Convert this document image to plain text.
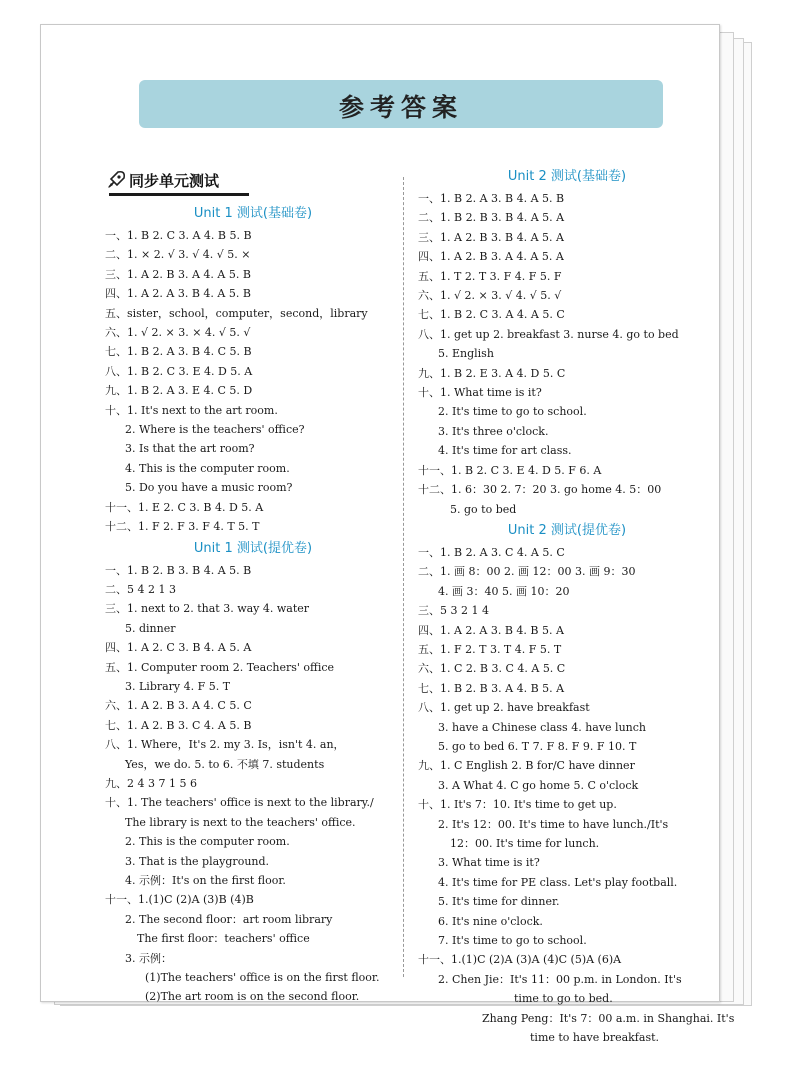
参考答案
同步单元测试
Unit 1 测试(基础卷)
一、1. B 2. C 3. A 4. B 5. B
二、1. × 2. √ 3. √ 4. √ 5. ×
三、1. A 2. B 3. A 4. A 5. B
四、1. A 2. A 3. B 4. A 5. B
五、sister，school，computer，second，library
六、1. √ 2. × 3. × 4. √ 5. √
七、1. B 2. A 3. B 4. C 5. B
八、1. B 2. C 3. E 4. D 5. A
九、1. B 2. A 3. E 4. C 5. D
十、1. It's next to the art room.
2. Where is the teachers' office?
3. Is that the art room?
4. This is the computer room.
5. Do you have a music room?
十一、1. E 2. C 3. B 4. D 5. A
十二、1. F 2. F 3. F 4. T 5. T
Unit 1 测试(提优卷)
一、1. B 2. B 3. B 4. A 5. B
二、5 4 2 1 3
三、1. next to 2. that 3. way 4. water
5. dinner
四、1. A 2. C 3. B 4. A 5. A
五、1. Computer room 2. Teachers' office
3. Library 4. F 5. T
六、1. A 2. B 3. A 4. C 5. C
七、1. A 2. B 3. C 4. A 5. B
八、1. Where，It's 2. my 3. Is，isn't 4. an，
Yes，we do. 5. to 6. 不填 7. students
九、2 4 3 7 1 5 6
十、1. The teachers' office is next to the library./
The library is next to the teachers' office.
2. This is the computer room.
3. That is the playground.
4. 示例：It's on the first floor.
十一、1.(1)C (2)A (3)B (4)B
2. The second floor：art room library
The first floor：teachers' office
3. 示例：
(1)The teachers' office is on the first floor.
(2)The art room is on the second floor.
Unit 2 测试(基础卷)
一、1. B 2. A 3. B 4. A 5. B
二、1. B 2. B 3. B 4. A 5. A
三、1. A 2. B 3. B 4. A 5. A
四、1. A 2. B 3. A 4. A 5. A
五、1. T 2. T 3. F 4. F 5. F
六、1. √ 2. × 3. √ 4. √ 5. √
七、1. B 2. C 3. A 4. A 5. C
八、1. get up 2. breakfast 3. nurse 4. go to bed
5. English
九、1. B 2. E 3. A 4. D 5. C
十、1. What time is it?
2. It's time to go to school.
3. It's three o'clock.
4. It's time for art class.
十一、1. B 2. C 3. E 4. D 5. F 6. A
十二、1. 6：30 2. 7：20 3. go home 4. 5：00
5. go to bed
Unit 2 测试(提优卷)
一、1. B 2. A 3. C 4. A 5. C
二、1. 画 8：00 2. 画 12：00 3. 画 9：30
4. 画 3：40 5. 画 10：20
三、5 3 2 1 4
四、1. A 2. A 3. B 4. B 5. A
五、1. F 2. T 3. T 4. F 5. T
六、1. C 2. B 3. C 4. A 5. C
七、1. B 2. B 3. A 4. B 5. A
八、1. get up 2. have breakfast
3. have a Chinese class 4. have lunch
5. go to bed 6. T 7. F 8. F 9. F 10. T
九、1. C English 2. B for/C have dinner
3. A What 4. C go home 5. C o'clock
十、1. It's 7：10. It's time to get up.
2. It's 12：00. It's time to have lunch./It's
12：00. It's time for lunch.
3. What time is it?
4. It's time for PE class. Let's play football.
5. It's time for dinner.
6. It's nine o'clock.
7. It's time to go to school.
十一、1.(1)C (2)A (3)A (4)C (5)A (6)A
2. Chen Jie：It's 11：00 p.m. in London. It's
time to go to bed.
Zhang Peng：It's 7：00 a.m. in Shanghai. It's
time to have breakfast.
